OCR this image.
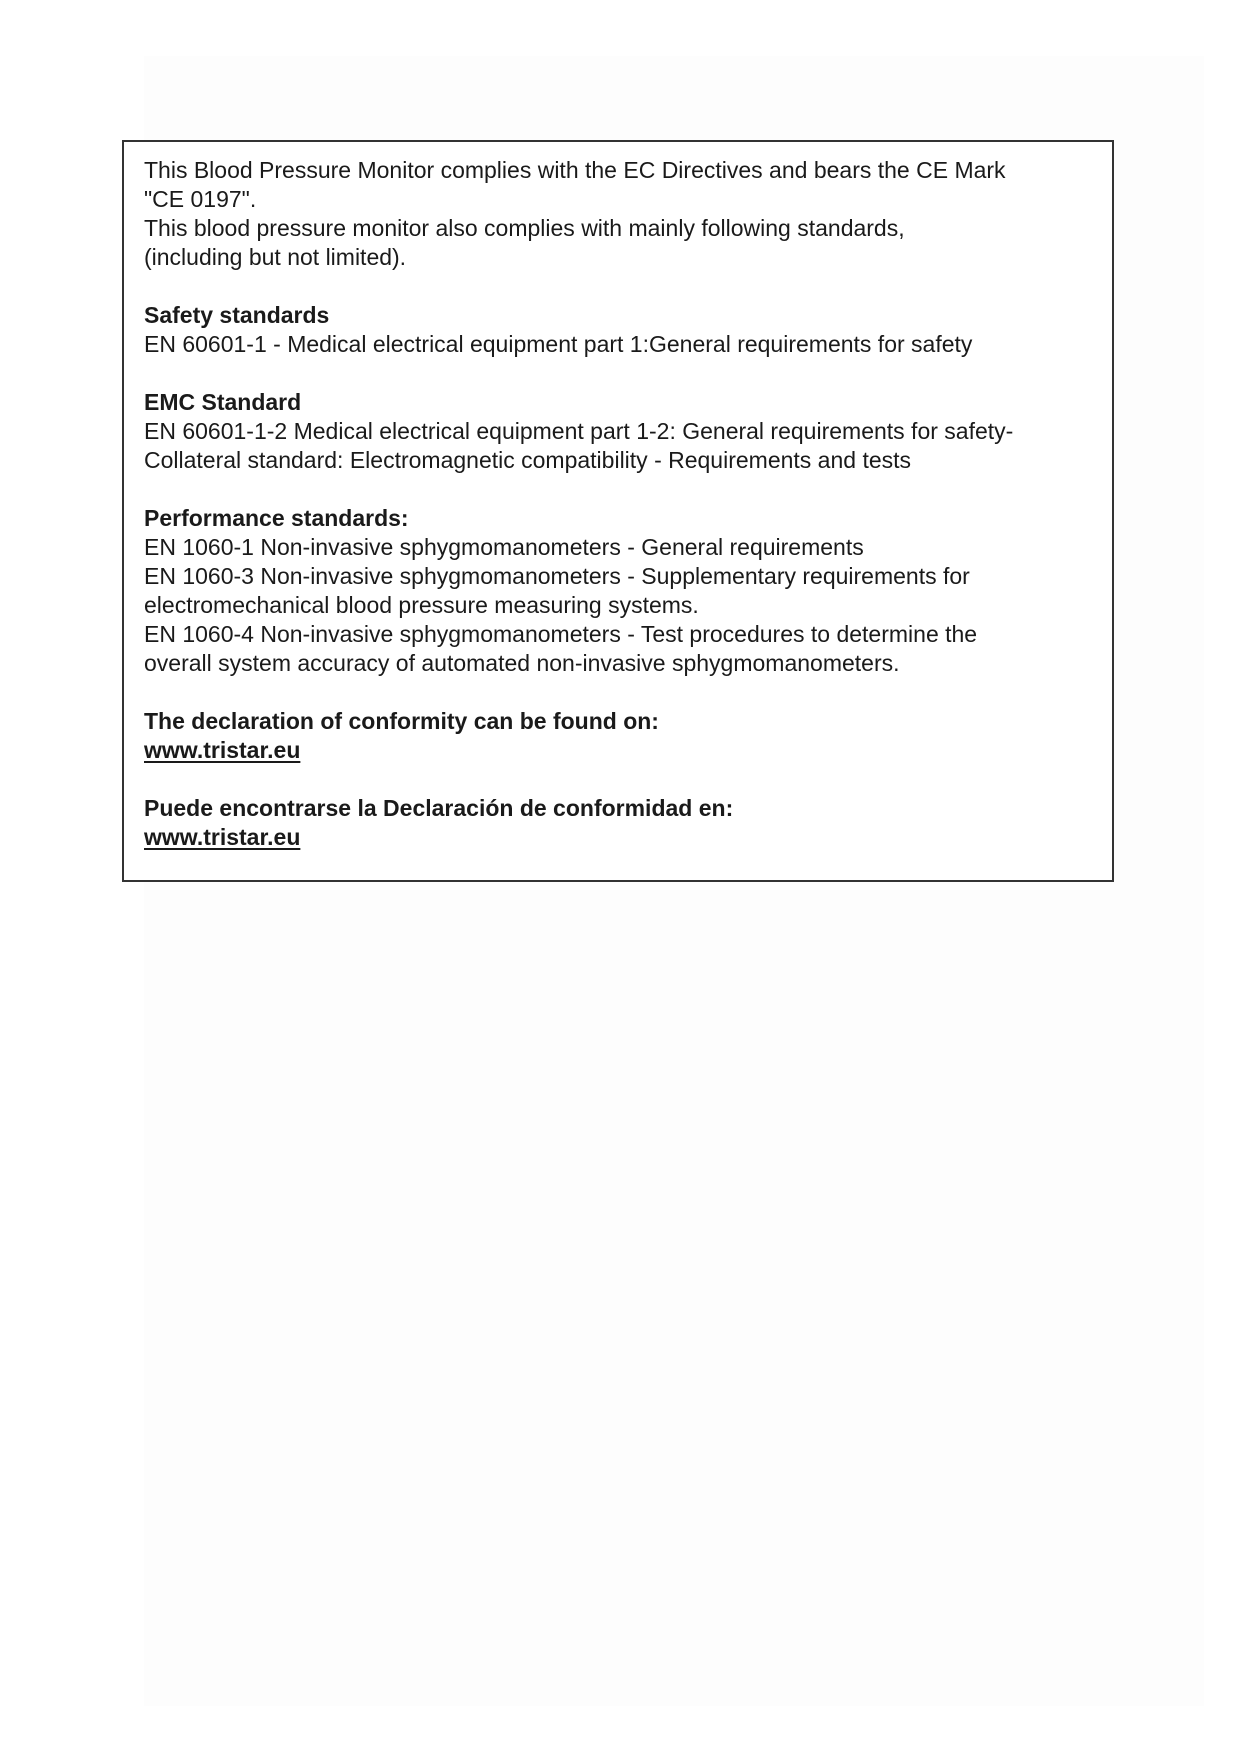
This Blood Pressure Monitor complies with the EC Directives and bears the CE Mark

"CE 0197".

This blood pressure monitor also complies with mainly following standards,

(including but not limited).

Safety standards

EN 60601-1 - Medical electrical equipment part 1:General requirements for safety

EMC Standard

EN 60601-1-2 Medical electrical equipment part 1-2: General requirements for safety-

Collateral standard: Electromagnetic compatibility - Requirements and tests

Performance standards:

EN 1060-1 Non-invasive sphygmomanometers - General requirements

EN 1060-3 Non-invasive sphygmomanometers - Supplementary requirements for

electromechanical blood pressure measuring systems.

EN 1060-4 Non-invasive sphygmomanometers - Test procedures to determine the

overall system accuracy of automated non-invasive sphygmomanometers.

The declaration of conformity can be found on:

www.tristar.eu

Puede encontrarse la Declaración de conformidad en:

www.tristar.eu
